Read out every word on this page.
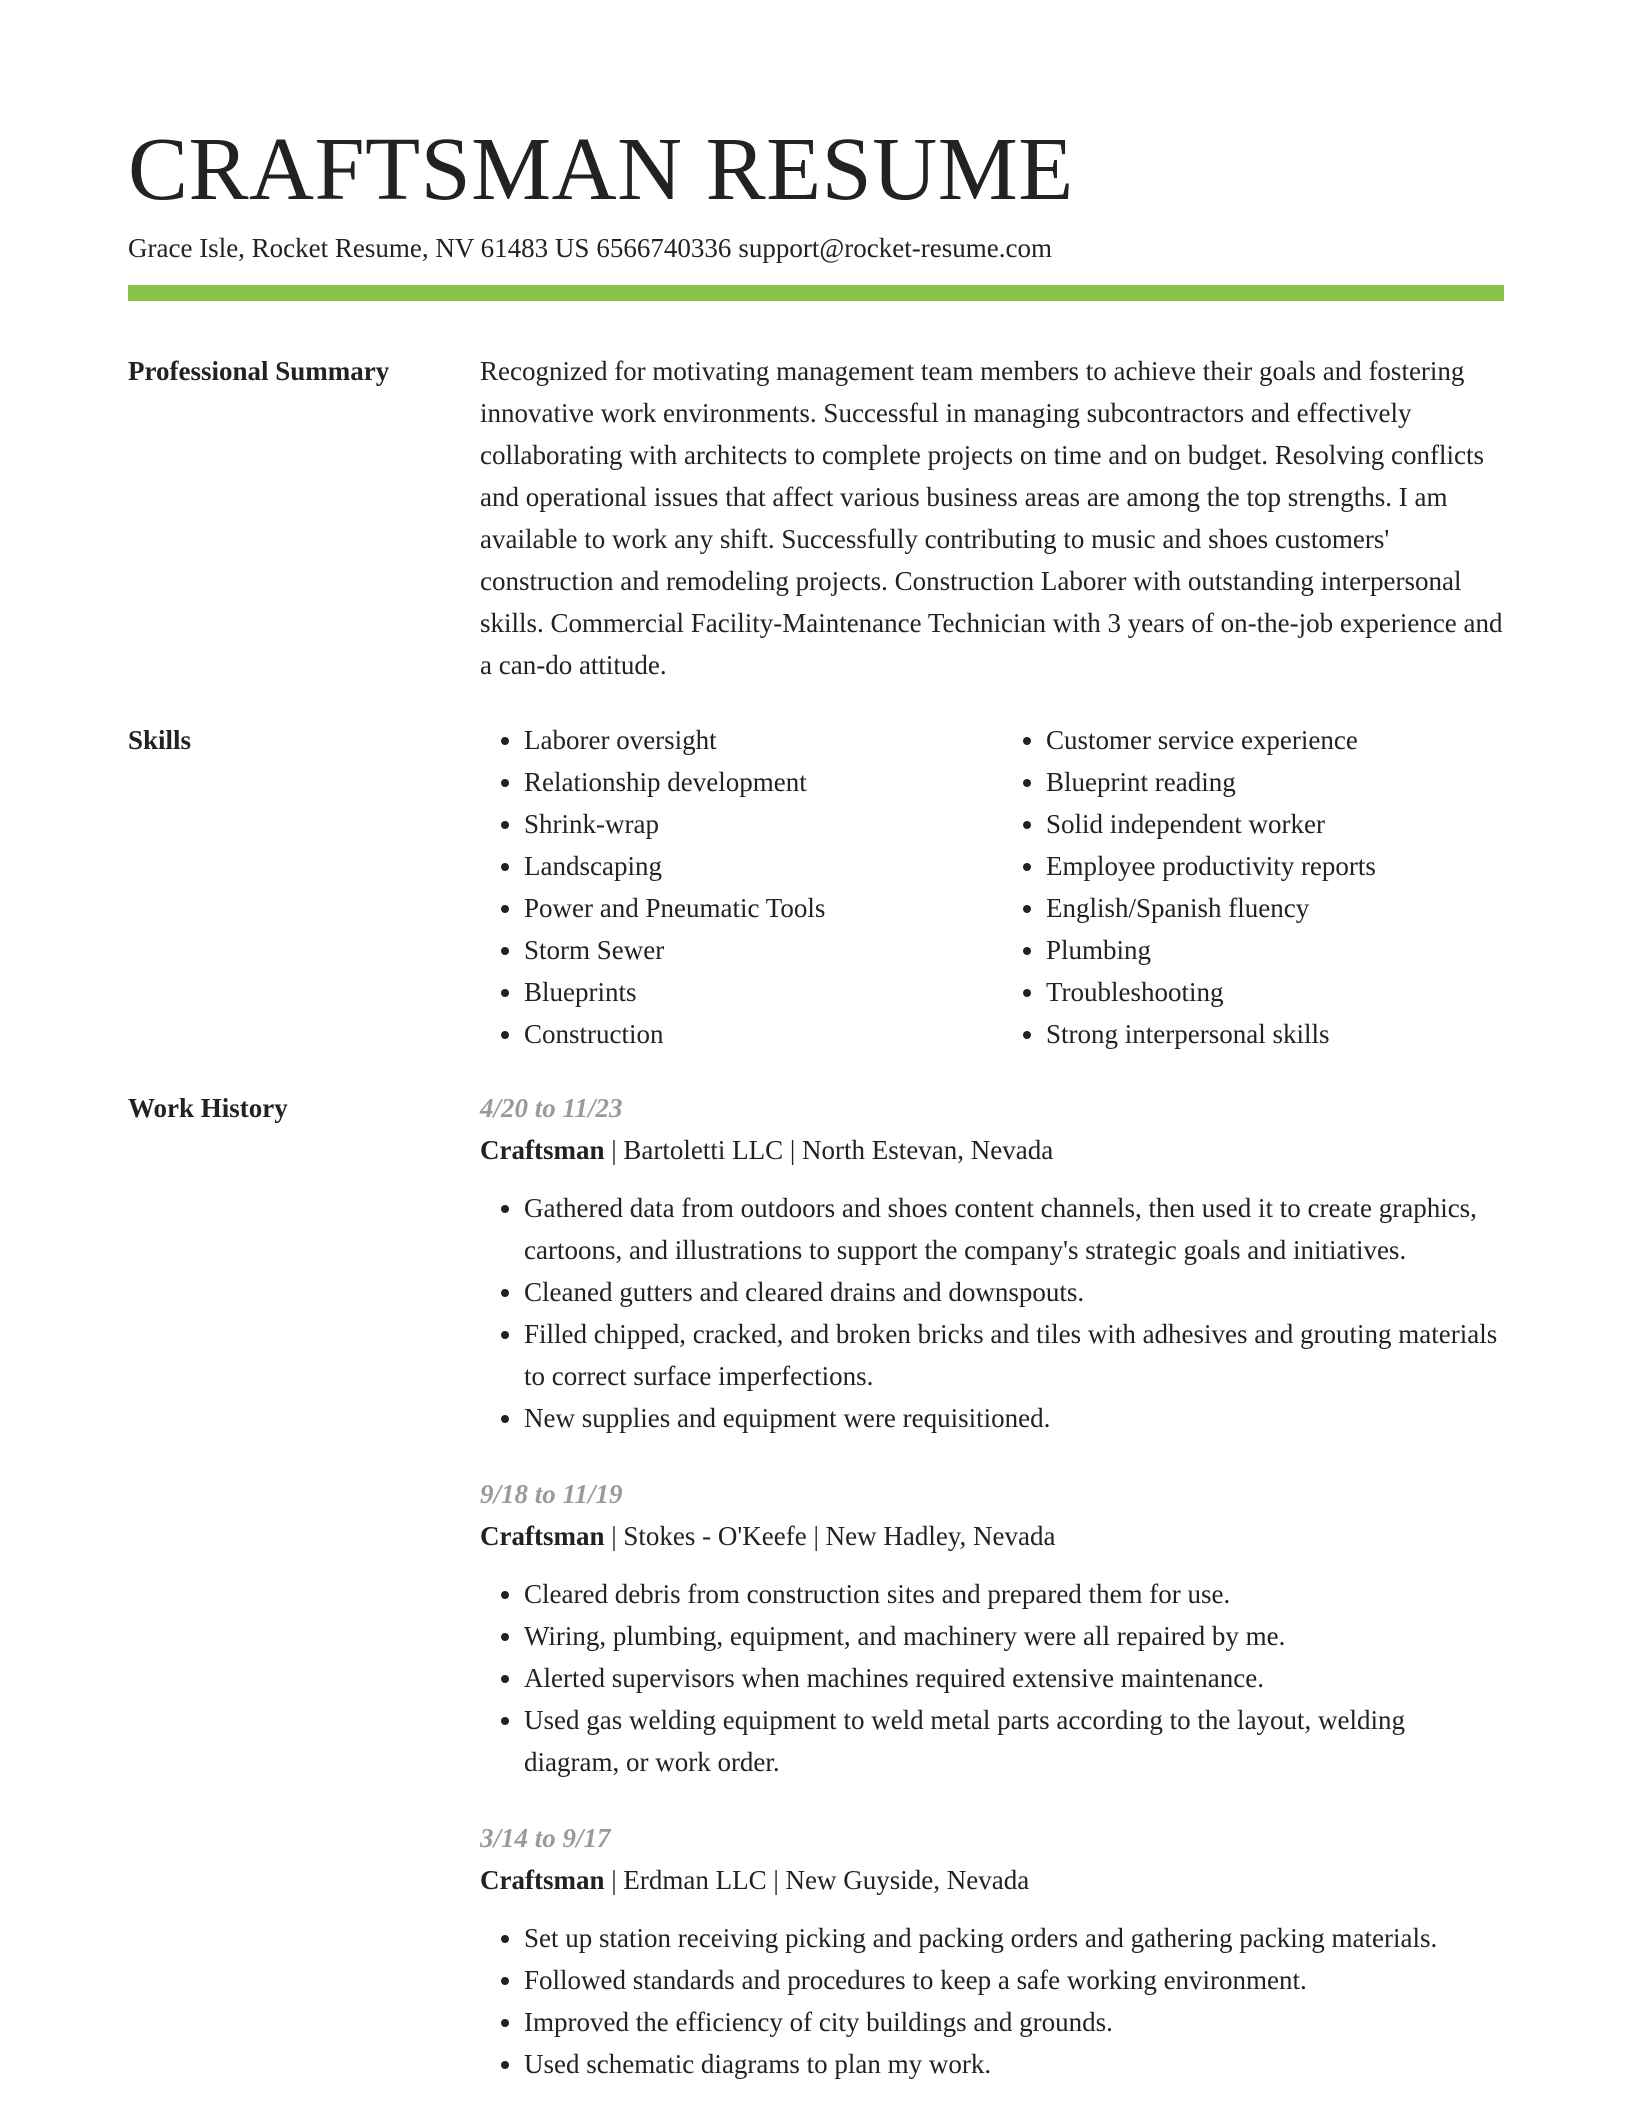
CRAFTSMAN RESUME
Grace Isle, Rocket Resume, NV 61483 US 6566740336 support@rocket-resume.com
Professional Summary	Recognized for motivating management team members to achieve their goals and fostering innovative work environments. Successful in managing subcontractors and effectively collaborating with architects to complete projects on time and on budget. Resolving conflicts and operational issues that affect various business areas are among the top strengths. I am available to work any shift. Successfully contributing to music and shoes customers' construction and remodeling projects. Construction Laborer with outstanding interpersonal skills. Commercial Facility-Maintenance Technician with 3 years of on-the-job experience and a can-do attitude.

Skills
•	Laborer oversight
• Relationship development
• Shrink-wrap
• Landscaping
• Power and Pneumatic Tools
• Storm Sewer
• Blueprints
• Construction
• Customer service experience
• Blueprint reading
• Solid independent worker
• Employee productivity reports
• English/Spanish fluency
• Plumbing
• Troubleshooting
• Strong interpersonal skills
Work History	4/20 to 11/23
Craftsman | Bartoletti LLC | North Estevan, Nevada
• Gathered data from outdoors and shoes content channels, then used it to create graphics, cartoons, and illustrations to support the company's strategic goals and initiatives.
• Cleaned gutters and cleared drains and downspouts.
• Filled chipped, cracked, and broken bricks and tiles with adhesives and grouting materials to correct surface imperfections.
• New supplies and equipment were requisitioned.
9/18 to 11/19
Craftsman | Stokes - O'Keefe | New Hadley, Nevada
• Cleared debris from construction sites and prepared them for use.
• Wiring, plumbing, equipment, and machinery were all repaired by me.
• Alerted supervisors when machines required extensive maintenance.
• Used gas welding equipment to weld metal parts according to the layout, welding diagram, or work order.
3/14 to 9/17
Craftsman | Erdman LLC | New Guyside, Nevada
• Set up station receiving picking and packing orders and gathering packing materials.
• Followed standards and procedures to keep a safe working environment.
• Improved the efficiency of city buildings and grounds.
• Used schematic diagrams to plan my work.
